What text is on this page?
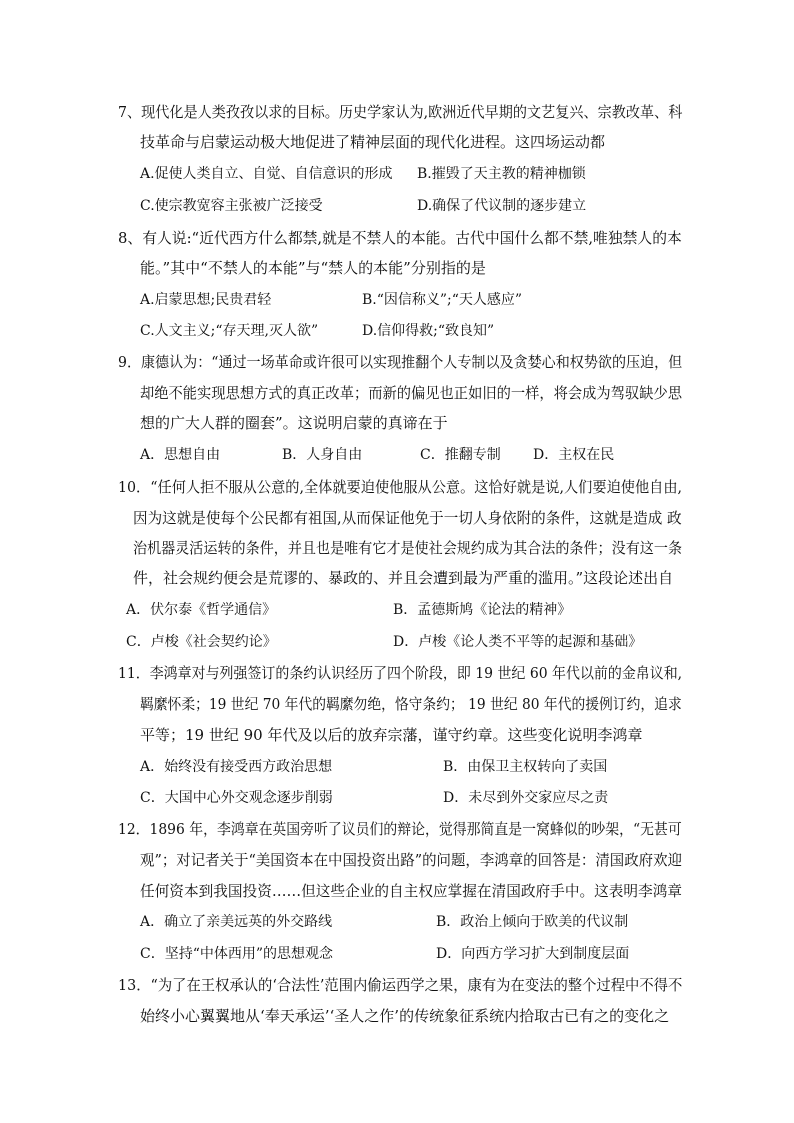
7、现代化是人类孜孜以求的目标。历史学家认为,欧洲近代早期的文艺复兴、宗教改革、科
技革命与启蒙运动极大地促进了精神层面的现代化进程。这四场运动都
A.促使人类自立、自觉、自信意识的形成 B.摧毁了天主教的精神枷锁
C.使宗教宽容主张被广泛接受	D.确保了代议制的逐步建立
8、有人说:“近代西方什么都禁,就是不禁人的本能。古代中国什么都不禁,唯独禁人的本
能。”其中“不禁人的本能”与“禁人的本能”分别指的是
A.启蒙思想;民贵君轻	B.“因信称义”;“天人感应”
C.人文主义;“存天理,灭人欲”	D.信仰得救;“致良知”
9．康德认为：“通过一场革命或许很可以实现推翻个人专制以及贪婪心和权势欲的压迫，但
却绝不能实现思想方式的真正改革；而新的偏见也正如旧的一样，将会成为驾驭缺少思
想的广大人群的圈套”。这说明启蒙的真谛在于
A．思想自由	B．人身自由	C．推翻专制 D．主权在民
10．“任何人拒不服从公意的,全体就要迫使他服从公意。这恰好就是说,人们要迫使他自由,
因为这就是使每个公民都有祖国,从而保证他免于一切人身依附的条件，这就是造成 政
治机器灵活运转的条件，并且也是唯有它才是使社会规约成为其合法的条件；没有这一条
件，社会规约便会是荒谬的、暴政的、并且会遭到最为严重的滥用。”这段论述出自
A．伏尔泰《哲学通信》	B．孟德斯鸠《论法的精神》
C．卢梭《社会契约论》	D．卢梭《论人类不平等的起源和基础》
11．李鸿章对与列强签订的条约认识经历了四个阶段，即 19 世纪 60 年代以前的金帛议和,
羁縻怀柔；19 世纪 70 年代的羁縻勿绝，恪守条约； 19 世纪 80 年代的援例订约，追求
平等；19 世纪 90 年代及以后的放弃宗藩，谨守约章。这些变化说明李鸿章
A．始终没有接受西方政治思想	B．由保卫主权转向了卖国
C．大国中心外交观念逐步削弱	D．未尽到外交家应尽之责
12．1896 年，李鸿章在英国旁听了议员们的辩论，觉得那简直是一窝蜂似的吵架，“无甚可
观”；对记者关于“美国资本在中国投资出路”的问题，李鸿章的回答是：清国政府欢迎
任何资本到我国投资……但这些企业的自主权应掌握在清国政府手中。这表明李鸿章
A．确立了亲美远英的外交路线	B．政治上倾向于欧美的代议制
C．坚持“中体西用”的思想观念	D．向西方学习扩大到制度层面
13．“为了在王权承认的‘合法性’范围内偷运西学之果，康有为在变法的整个过程中不得不
始终小心翼翼地从‘奉天承运’‘圣人之作’的传统象征系统内拾取古已有之的变化之
